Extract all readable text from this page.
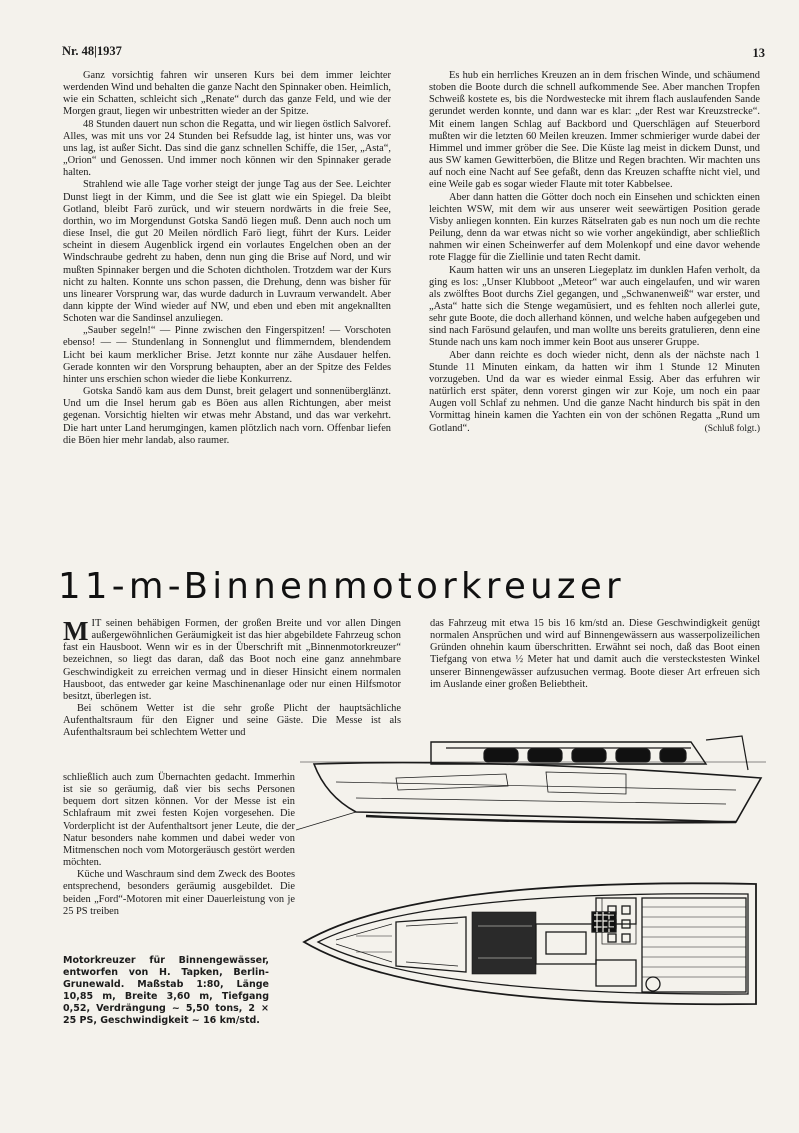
Nr. 48|1937	13

Ganz vorsichtig fahren wir unseren Kurs bei dem immer leichter werdenden Wind und behalten die ganze Nacht den Spinnaker oben. Heimlich, wie ein Schatten, schleicht sich „Renate“ durch das ganze Feld, und wie der Morgen graut, liegen wir unbestritten wieder an der Spitze.

48 Stunden dauert nun schon die Regatta, und wir liegen östlich Salvoref. Alles, was mit uns vor 24 Stunden bei Refsudde lag, ist hinter uns, was vor uns lag, ist außer Sicht. Das sind die ganz schnellen Schiffe, die 15er, „Asta“, „Orion“ und Genossen. Und immer noch können wir den Spinnaker gerade halten.

Strahlend wie alle Tage vorher steigt der junge Tag aus der See. Leichter Dunst liegt in der Kimm, und die See ist glatt wie ein Spiegel. Da bleibt Gotland, bleibt Farö zurück, und wir steuern nordwärts in die freie See, dorthin, wo im Morgendunst Gotska Sandö liegen muß. Denn auch noch um diese Insel, die gut 20 Meilen nördlich Farö liegt, führt der Kurs. Leider scheint in diesem Augenblick irgend ein vorlautes Engelchen oben an der Windschraube gedreht zu haben, denn nun ging die Brise auf Nord, und wir mußten Spinnaker bergen und die Schoten dichtholen. Trotzdem war der Kurs nicht zu halten. Konnte uns schon passen, die Drehung, denn was bisher für uns linearer Vorsprung war, das wurde dadurch in Luvraum verwandelt. Aber dann kippte der Wind wieder auf NW, und eben und eben mit angeknallten Schoten war die Sandinsel anzuliegen.

„Sauber segeln!“ — Pinne zwischen den Fingerspitzen! — Vorschoten ebenso! — — Stundenlang in Sonnenglut und flimmerndem, blendendem Licht bei kaum merklicher Brise. Jetzt konnte nur zähe Ausdauer helfen. Gerade konnten wir den Vorsprung behaupten, aber an der Spitze des Feldes hinter uns erschien schon wieder die liebe Konkurrenz.

Gotska Sandö kam aus dem Dunst, breit gelagert und sonnenüberglänzt. Und um die Insel herum gab es Böen aus allen Richtungen, aber meist gegenan. Vorsichtig hielten wir etwas mehr Abstand, und das war verkehrt. Die hart unter Land herumgingen, kamen plötzlich nach vorn. Offenbar liefen die Böen hier mehr landab, also raumer.

Es hub ein herrliches Kreuzen an in dem frischen Winde, und schäumend stoben die Boote durch die schnell aufkommende See. Aber manchen Tropfen Schweiß kostete es, bis die Nordwestecke mit ihrem flach auslaufenden Sande gerundet werden konnte, und dann war es klar: „der Rest war Kreuzstrecke“. Mit einem langen Schlag auf Backbord und Querschlägen auf Steuerbord mußten wir die letzten 60 Meilen kreuzen. Immer schmieriger wurde dabei der Himmel und immer gröber die See. Die Küste lag meist in dickem Dunst, und aus SW kamen Gewitterböen, die Blitze und Regen brachten. Wir machten uns auf noch eine Nacht auf See gefaßt, denn das Kreuzen schaffte nicht viel, und eine Weile gab es sogar wieder Flaute mit toter Kabbelsee.

Aber dann hatten die Götter doch noch ein Einsehen und schickten einen leichten WSW, mit dem wir aus unserer weit seewärtigen Position gerade Visby anliegen konnten. Ein kurzes Rätselraten gab es nun noch um die rechte Peilung, denn da war etwas nicht so wie vorher angekündigt, aber schließlich nahmen wir einen Scheinwerfer auf dem Molenkopf und eine davor wehende rote Flagge für die Ziellinie und taten Recht damit.

Kaum hatten wir uns an unseren Liegeplatz im dunklen Hafen verholt, da ging es los: „Unser Klubboot „Meteor“ war auch eingelaufen, und wir waren als zwölftes Boot durchs Ziel gegangen, und „Schwanenweiß“ war erster, und „Asta“ hatte sich die Stenge wegamüsiert, und es fehlten noch allerlei gute, sehr gute Boote, die doch allerhand können, und welche haben aufgegeben und sind nach Farösund gelaufen, und man wollte uns bereits gratulieren, denn eine Stunde nach uns kam noch immer kein Boot aus unserer Gruppe.

Aber dann reichte es doch wieder nicht, denn als der nächste nach 1 Stunde 11 Minuten einkam, da hatten wir ihm 1 Stunde 12 Minuten vorzugeben. Und da war es wieder einmal Essig. Aber das erfuhren wir natürlich erst später, denn vorerst gingen wir zur Koje, um noch ein paar Augen voll Schlaf zu nehmen. Und die ganze Nacht hindurch bis spät in den Vormittag hinein kamen die Yachten ein von der schönen Regatta „Rund um Gotland“.	(Schluß folgt.)

11-m-Binnenmotorkreuzer

MIT seinen behäbigen Formen, der großen Breite und vor allen Dingen außergewöhnlichen Geräumigkeit ist das hier abgebildete Fahrzeug schon fast ein Hausboot. Wenn wir es in der Überschrift mit „Binnenmotorkreuzer“ bezeichnen, so liegt das daran, daß das Boot noch eine ganz annehmbare Geschwindigkeit zu erreichen vermag und in dieser Hinsicht einem normalen Hausboot, das entweder gar keine Maschinenanlage oder nur einen Hilfsmotor besitzt, überlegen ist.

Bei schönem Wetter ist die sehr große Plicht der hauptsächliche Aufenthaltsraum für den Eigner und seine Gäste. Die Messe ist als Aufenthaltsraum bei schlechtem Wetter und

schließlich auch zum Übernachten gedacht. Immerhin ist sie so geräumig, daß vier bis sechs Personen bequem dort sitzen können. Vor der Messe ist ein Schlafraum mit zwei festen Kojen vorgesehen. Die Vorderplicht ist der Aufenthaltsort jener Leute, die der Natur besonders nahe kommen und dabei weder von Mitmenschen noch vom Motorgeräusch gestört werden möchten.

Küche und Waschraum sind dem Zweck des Bootes entsprechend, besonders geräumig ausgebildet. Die beiden „Ford“-Motoren mit einer Dauerleistung von je 25 PS treiben

das Fahrzeug mit etwa 15 bis 16 km/std an. Diese Geschwindigkeit genügt normalen Ansprüchen und wird auf Binnengewässern aus wasserpolizeilichen Gründen ohnehin kaum überschritten. Erwähnt sei noch, daß das Boot einen Tiefgang von etwa ½ Meter hat und damit auch die versteckstesten Winkel unserer Binnengewässer aufzusuchen vermag. Boote dieser Art erfreuen sich im Auslande einer großen Beliebtheit.

Motorkreuzer für Binnengewässer, entworfen von H. Tapken, Berlin-Grunewald. Maßstab 1:80, Länge 10,85 m, Breite 3,60 m, Tiefgang 0,52, Verdrängung ~ 5,50 tons, 2 × 25 PS, Geschwindigkeit ~ 16 km/std.
